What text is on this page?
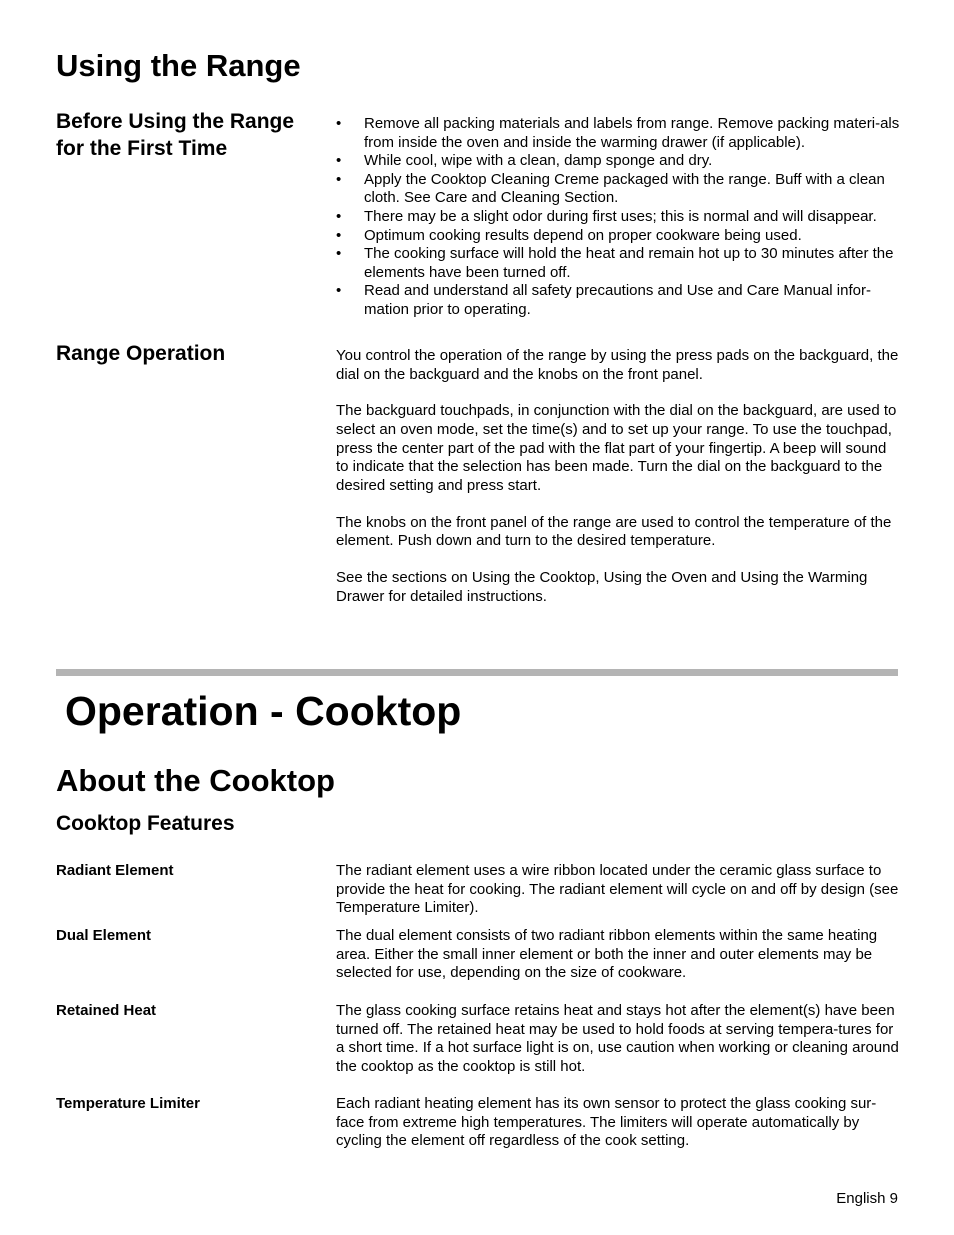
Using the Range
Before Using the Range for the First Time
• Remove all packing materials and labels from range. Remove packing materi-als from inside the oven and inside the warming drawer (if applicable).
• While cool, wipe with a clean, damp sponge and dry.
• Apply the Cooktop Cleaning Creme packaged with the range. Buff with a clean cloth. See Care and Cleaning Section.
• There may be a slight odor during first uses; this is normal and will disappear.
• Optimum cooking results depend on proper cookware being used.
• The cooking surface will hold the heat and remain hot up to 30 minutes after the elements have been turned off.
• Read and understand all safety precautions and Use and Care Manual infor-mation prior to operating.
Range Operation	You control the operation of the range by using the press pads on the backguard, the dial on the backguard and the knobs on the front panel.

The backguard touchpads, in conjunction with the dial on the backguard, are used to select an oven mode, set the time(s) and to set up your range. To use the touchpad, press the center part of the pad with the flat part of your fingertip. A beep will sound to indicate that the selection has been made. Turn the dial on the backguard to the desired setting and press start.

The knobs on the front panel of the range are used to control the temperature of the element. Push down and turn to the desired temperature.

See the sections on Using the Cooktop, Using the Oven and Using the Warming Drawer for detailed instructions.

Operation - Cooktop
About the Cooktop
Cooktop Features
Radiant Element	The radiant element uses a wire ribbon located under the ceramic glass surface to provide the heat for cooking. The radiant element will cycle on and off by design (see Temperature Limiter).

Dual Element	The dual element consists of two radiant ribbon elements within the same heating area. Either the small inner element or both the inner and outer elements may be selected for use, depending on the size of cookware.

Retained Heat	The glass cooking surface retains heat and stays hot after the element(s) have been turned off. The retained heat may be used to hold foods at serving tempera-tures for a short time. If a hot surface light is on, use caution when working or cleaning around the cooktop as the cooktop is still hot.

Temperature Limiter	Each radiant heating element has its own sensor to protect the glass cooking sur-face from extreme high temperatures. The limiters will operate automatically by cycling the element off regardless of the cook setting.

English 9
